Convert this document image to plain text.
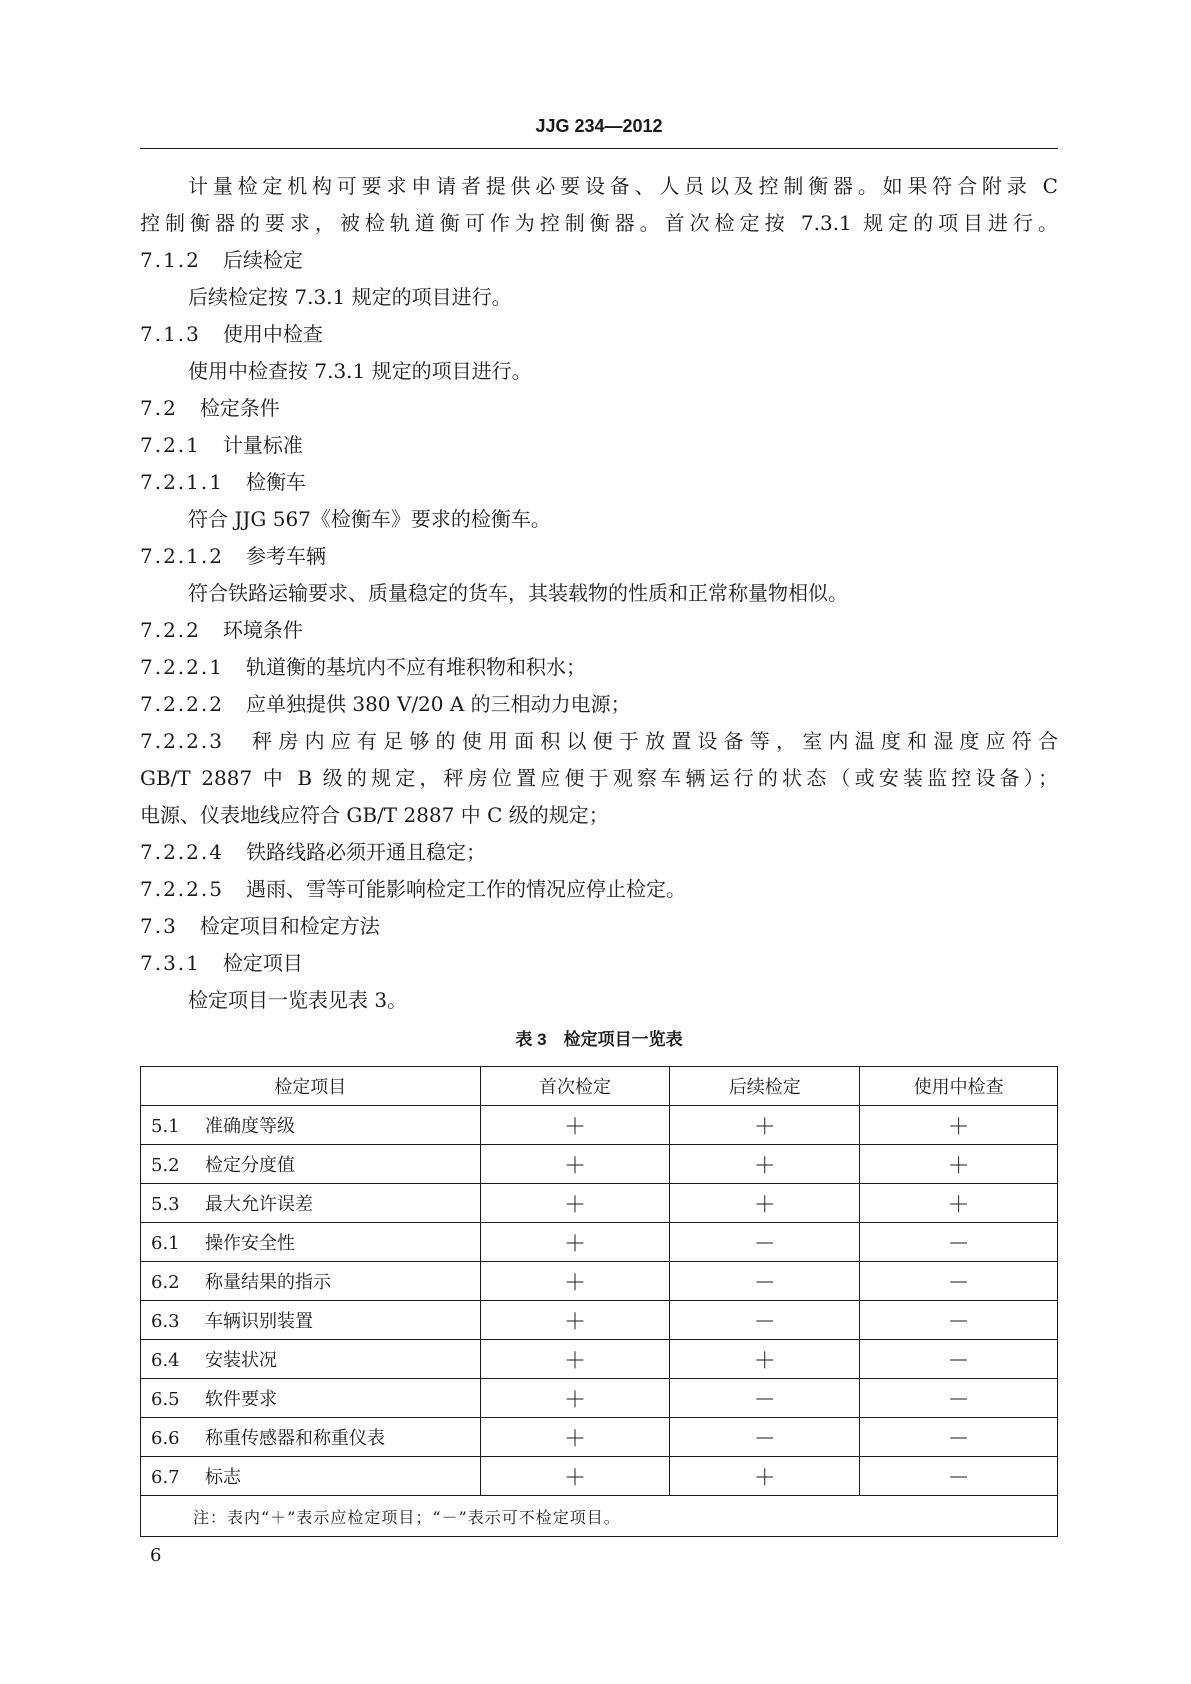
JJG 234—2012
计量检定机构可要求申请者提供必要设备、人员以及控制衡器。如果符合附录 C
控制衡器的要求，被检轨道衡可作为控制衡器。首次检定按 7.3.1 规定的项目进行。
7.1.2 后续检定
后续检定按 7.3.1 规定的项目进行。
7.1.3 使用中检查
使用中检查按 7.3.1 规定的项目进行。
7.2 检定条件
7.2.1 计量标准
7.2.1.1 检衡车
符合 JJG 567《检衡车》要求的检衡车。
7.2.1.2 参考车辆
符合铁路运输要求、质量稳定的货车，其装载物的性质和正常称量物相似。
7.2.2 环境条件
7.2.2.1 轨道衡的基坑内不应有堆积物和积水；
7.2.2.2 应单独提供 380 V/20 A 的三相动力电源；
7.2.2.3 秤房内应有足够的使用面积以便于放置设备等，室内温度和湿度应符合
GB/T 2887 中 B 级的规定，秤房位置应便于观察车辆运行的状态（或安装监控设备）；
电源、仪表地线应符合 GB/T 2887 中 C 级的规定；
7.2.2.4 铁路线路必须开通且稳定；
7.2.2.5 遇雨、雪等可能影响检定工作的情况应停止检定。
7.3 检定项目和检定方法
7.3.1 检定项目
检定项目一览表见表 3。
表 3　检定项目一览表
检定项目	首次检定	后续检定	使用中检查
5.1 准确度等级	＋	＋	＋
5.2 检定分度值	＋	＋	＋
5.3 最大允许误差	＋	＋	＋
6.1 操作安全性	＋	－	－
6.2 称量结果的指示	＋	－	－
6.3 车辆识别装置	＋	－	－
6.4 安装状况	＋	＋	－
6.5 软件要求	＋	－	－
6.6 称重传感器和称重仪表	＋	－	－
6.7 标志	＋	＋	－
注：表内“＋”表示应检定项目；“－”表示可不检定项目。			
6
